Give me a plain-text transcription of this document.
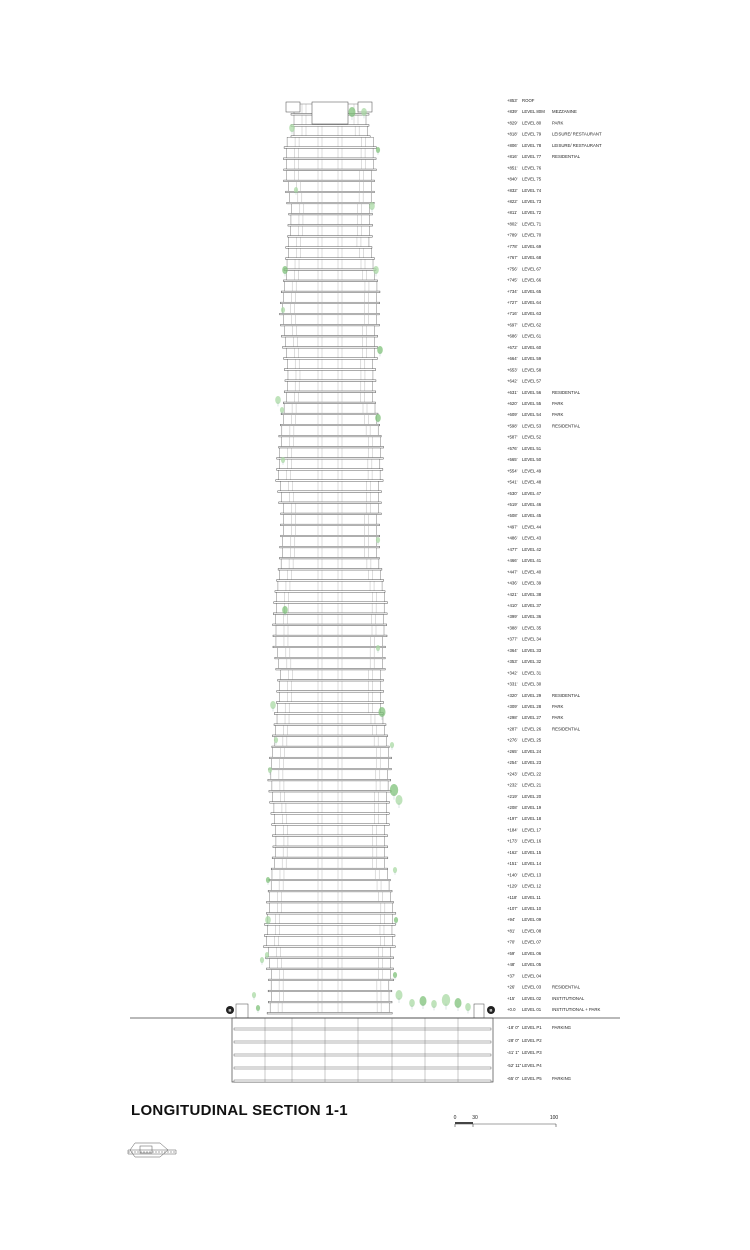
+853' ROOF
+839' LEVEL 80M MEZZANINE
+829' LEVEL 80	PARK
+818' LEVEL 79	LEISURE/ RESTAURANT
+806' LEVEL 78	LEISURE/ RESTAURANT
+816' LEVEL 77	RESIDENTIAL
+851' LEVEL 76
+840' LEVEL 75
+832' LEVEL 74
+822' LEVEL 73
+811' LEVEL 72
+802' LEVEL 71
+789' LEVEL 70
+778' LEVEL 69
+767' LEVEL 68
+756' LEVEL 67
+745' LEVEL 66
+734' LEVEL 65
+727' LEVEL 64
+716' LEVEL 63
+697' LEVEL 62
+686' LEVEL 61
+672' LEVEL 60
+664' LEVEL 59
+653' LEVEL 58
+642' LEVEL 57
+631' LEVEL 56	RESIDENTIAL
+620' LEVEL 55	PARK
+609' LEVEL 54	PARK
+598' LEVEL 53	RESIDENTIAL
+587' LEVEL 52
+576' LEVEL 51
+565' LEVEL 50
+554' LEVEL 49
+541' LEVEL 48
+530' LEVEL 47
+519' LEVEL 46
+508' LEVEL 45
+497' LEVEL 44
+486' LEVEL 43
+477' LEVEL 42
+466' LEVEL 41
+447' LEVEL 40
+436' LEVEL 39
+421' LEVEL 38
+410' LEVEL 37
+399' LEVEL 36
+388' LEVEL 35
+377' LEVEL 34
+364' LEVEL 33
+353' LEVEL 32
+342' LEVEL 31
+331' LEVEL 30
+320' LEVEL 29	RESIDENTIAL
+309' LEVEL 28	PARK
+298' LEVEL 27	PARK
+287' LEVEL 26	RESIDENTIAL
+276' LEVEL 25
+265' LEVEL 24
+254' LEVEL 23
+243' LEVEL 22
+232' LEVEL 21
+219' LEVEL 20
+208' LEVEL 19
+197' LEVEL 18
+184' LEVEL 17
+173' LEVEL 16
+162' LEVEL 15
+151' LEVEL 14
+140' LEVEL 13
+129' LEVEL 12
+118' LEVEL 11
+107' LEVEL 10
+94' LEVEL 09
+81' LEVEL 08
+70' LEVEL 07
+59' LEVEL 06
+48' LEVEL 05
+37' LEVEL 04
+26' LEVEL 03	RESIDENTIAL
+15' LEVEL 02	INSTITUTIONAL
+0.0 LEVEL 01	INSTITUTIONAL + PARK
-18' 0" LEVEL P1 PARKING
-28' 0" LEVEL P2
-41' 1" LEVEL P3
-52' 11" LEVEL P4
-65' 0" LEVEL P5 PARKING
B	B
LONGITUDINAL SECTION 1-1	0	30	100
